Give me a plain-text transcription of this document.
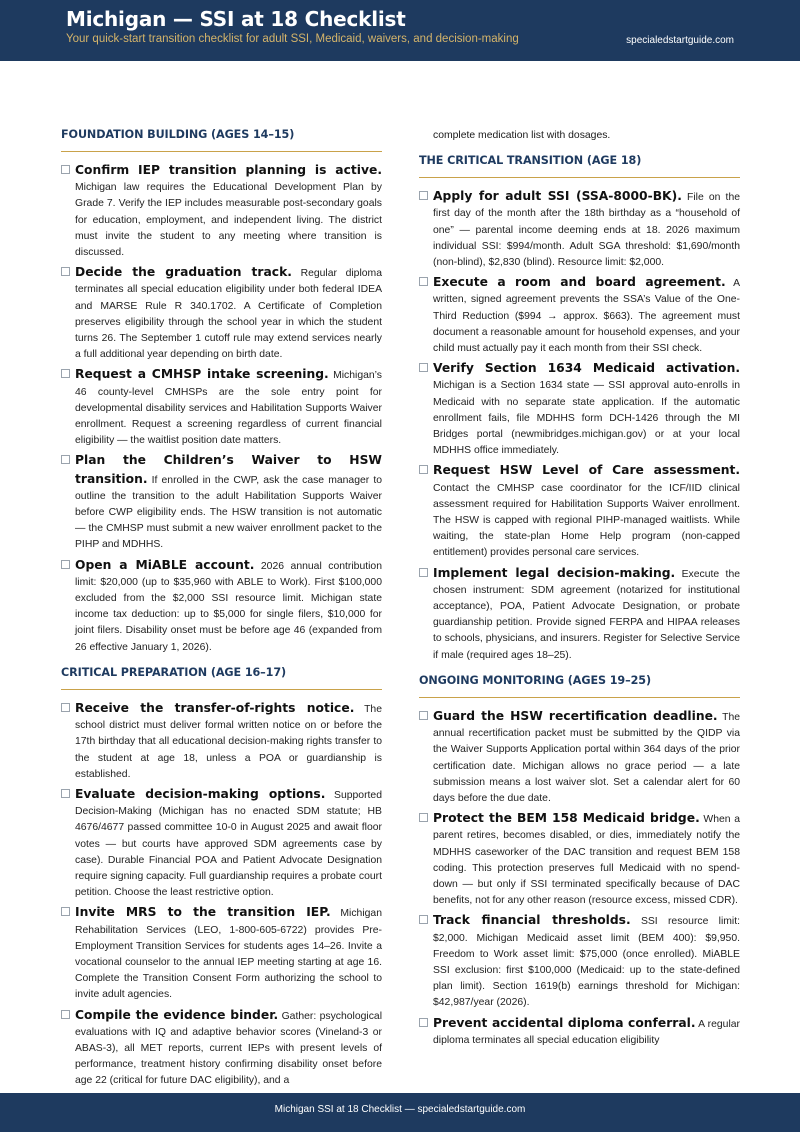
Michigan — SSI at 18 Checklist
Your quick-start transition checklist for adult SSI, Medicaid, waivers, and decision-making	specialedstartguide.com
FOUNDATION BUILDING (AGES 14–15)
Confirm IEP transition planning is active. Michigan law requires the Educational Development Plan by Grade 7. Verify the IEP includes measurable post-secondary goals for education, employment, and independent living. The district must invite the student to any meeting where transition is discussed.
Decide the graduation track. Regular diploma terminates all special education eligibility under both federal IDEA and MARSE Rule R 340.1702. A Certificate of Completion preserves eligibility through the school year in which the student turns 26. The September 1 cutoff rule may extend services nearly a full additional year depending on birth date.
Request a CMHSP intake screening. Michigan’s 46 county-level CMHSPs are the sole entry point for developmental disability services and Habilitation Supports Waiver enrollment. Request a screening regardless of current financial eligibility — the waitlist position date matters.
Plan the Children’s Waiver to HSW transition. If enrolled in the CWP, ask the case manager to outline the transition to the adult Habilitation Supports Waiver before CWP eligibility ends. The HSW transition is not automatic — the CMHSP must submit a new waiver enrollment packet to the PIHP and MDHHS.
Open a MiABLE account. 2026 annual contribution limit: $20,000 (up to $35,960 with ABLE to Work). First $100,000 excluded from the $2,000 SSI resource limit. Michigan state income tax deduction: up to $5,000 for single filers, $10,000 for joint filers. Disability onset must be before age 46 (expanded from 26 effective January 1, 2026).
CRITICAL PREPARATION (AGE 16–17)
Receive the transfer-of-rights notice. The school district must deliver formal written notice on or before the 17th birthday that all educational decision-making rights transfer to the student at age 18, unless a POA or guardianship is established.
Evaluate decision-making options. Supported Decision-Making (Michigan has no enacted SDM statute; HB 4676/4677 passed committee 10-0 in August 2025 and await floor votes — but courts have approved SDM agreements case by case). Durable Financial POA and Patient Advocate Designation require signing capacity. Full guardianship requires a probate court petition. Choose the least restrictive option.
Invite MRS to the transition IEP. Michigan Rehabilitation Services (LEO, 1-800-605-6722) provides Pre-Employment Transition Services for students ages 14–26. Invite a vocational counselor to the annual IEP meeting starting at age 16. Complete the Transition Consent Form authorizing the school to invite adult agencies.
Compile the evidence binder. Gather: psychological evaluations with IQ and adaptive behavior scores (Vineland-3 or ABAS-3), all MET reports, current IEPs with present levels of performance, treatment history confirming disability onset before age 22 (critical for future DAC eligibility), and a
complete medication list with dosages.
THE CRITICAL TRANSITION (AGE 18)
Apply for adult SSI (SSA-8000-BK). File on the first day of the month after the 18th birthday as a “household of one” — parental income deeming ends at 18. 2026 maximum individual SSI: $994/month. Adult SGA threshold: $1,690/month (non-blind), $2,830 (blind). Resource limit: $2,000.
Execute a room and board agreement. A written, signed agreement prevents the SSA’s Value of the One-Third Reduction ($994 → approx. $663). The agreement must document a reasonable amount for household expenses, and your child must actually pay it each month from their SSI check.
Verify Section 1634 Medicaid activation. Michigan is a Section 1634 state — SSI approval auto-enrolls in Medicaid with no separate state application. If the automatic enrollment fails, file MDHHS form DCH-1426 through the MI Bridges portal (newmibridges.michigan.gov) or at your local MDHHS office immediately.
Request HSW Level of Care assessment. Contact the CMHSP case coordinator for the ICF/IID clinical assessment required for Habilitation Supports Waiver enrollment. The HSW is capped with regional PIHP-managed waitlists. While waiting, the state-plan Home Help program (non-capped entitlement) provides personal care services.
Implement legal decision-making. Execute the chosen instrument: SDM agreement (notarized for institutional acceptance), POA, Patient Advocate Designation, or probate guardianship petition. Provide signed FERPA and HIPAA releases to schools, physicians, and insurers. Register for Selective Service if male (required ages 18–25).
ONGOING MONITORING (AGES 19–25)
Guard the HSW recertification deadline. The annual recertification packet must be submitted by the QIDP via the Waiver Supports Application portal within 364 days of the prior certification date. Michigan allows no grace period — a late submission means a lost waiver slot. Set a calendar alert for 60 days before the due date.
Protect the BEM 158 Medicaid bridge. When a parent retires, becomes disabled, or dies, immediately notify the MDHHS caseworker of the DAC transition and request BEM 158 coding. This protection preserves full Medicaid with no spend-down — but only if SSI terminated specifically because of DAC benefits, not for any other reason (resource excess, missed CDR).
Track financial thresholds. SSI resource limit: $2,000. Michigan Medicaid asset limit (BEM 400): $9,950. Freedom to Work asset limit: $75,000 (once enrolled). MiABLE SSI exclusion: first $100,000 (Medicaid: up to the state-defined plan limit). Section 1619(b) earnings threshold for Michigan: $42,987/year (2026).
Prevent accidental diploma conferral. A regular diploma terminates all special education eligibility
Michigan SSI at 18 Checklist — specialedstartguide.com
